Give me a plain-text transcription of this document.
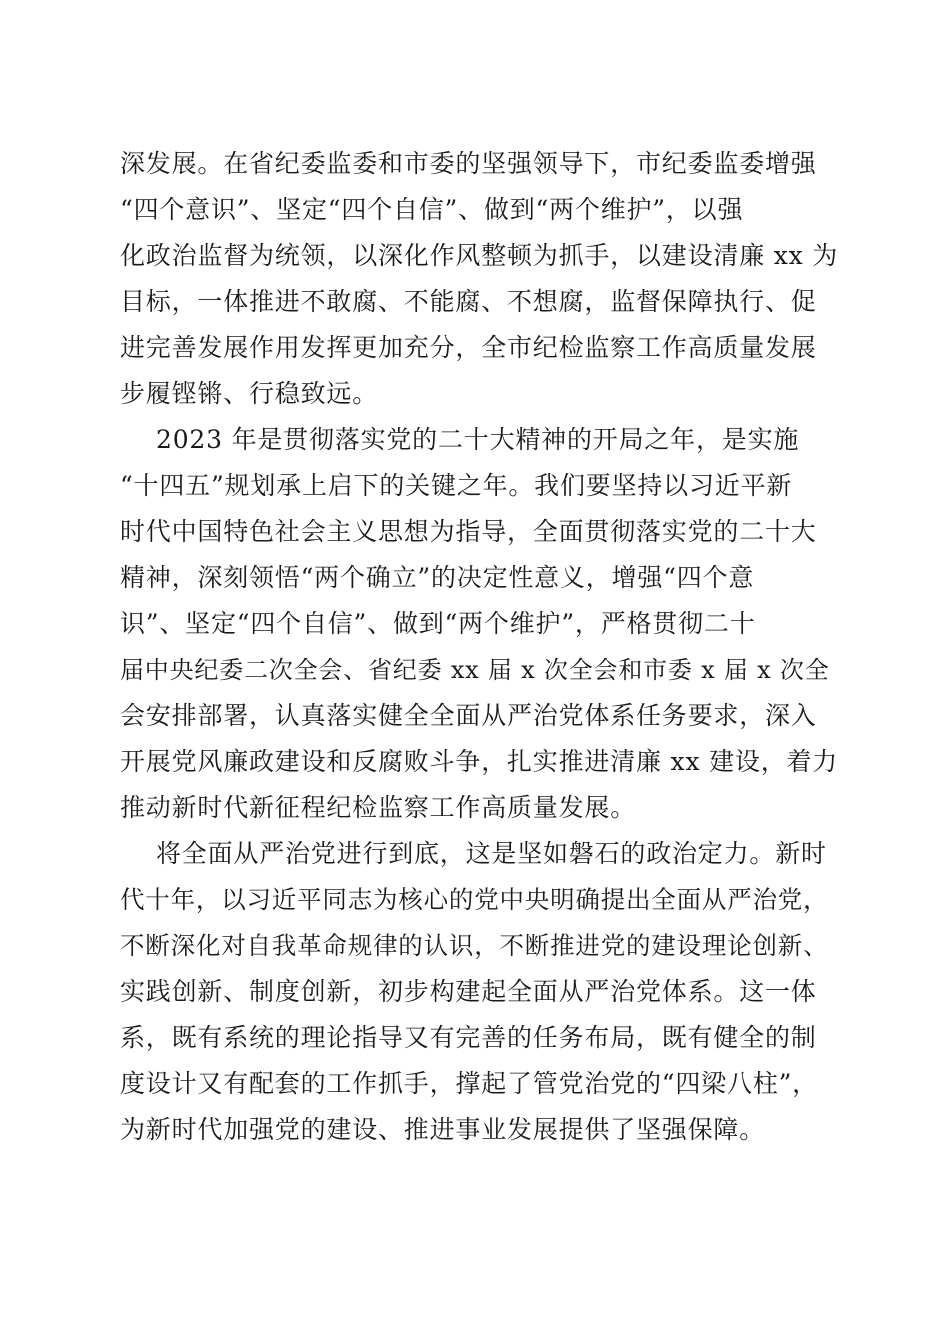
深发展。在省纪委监委和市委的坚强领导下，市纪委监委增强
“四个意识”、坚定“四个自信”、做到“两个维护”，以强
化政治监督为统领，以深化作风整顿为抓手，以建设清廉 xx 为
目标，一体推进不敢腐、不能腐、不想腐，监督保障执行、促
进完善发展作用发挥更加充分，全市纪检监察工作高质量发展
步履铿锵、行稳致远。
2023 年是贯彻落实党的二十大精神的开局之年，是实施
“十四五”规划承上启下的关键之年。我们要坚持以习近平新
时代中国特色社会主义思想为指导，全面贯彻落实党的二十大
精神，深刻领悟“两个确立”的决定性意义，增强“四个意
识”、坚定“四个自信”、做到“两个维护”，严格贯彻二十
届中央纪委二次全会、省纪委 xx 届 x 次全会和市委 x 届 x 次全
会安排部署，认真落实健全全面从严治党体系任务要求，深入
开展党风廉政建设和反腐败斗争，扎实推进清廉 xx 建设，着力
推动新时代新征程纪检监察工作高质量发展。
将全面从严治党进行到底，这是坚如磐石的政治定力。新时
代十年，以习近平同志为核心的党中央明确提出全面从严治党，
不断深化对自我革命规律的认识，不断推进党的建设理论创新、
实践创新、制度创新，初步构建起全面从严治党体系。这一体
系，既有系统的理论指导又有完善的任务布局，既有健全的制
度设计又有配套的工作抓手，撑起了管党治党的“四梁八柱”，
为新时代加强党的建设、推进事业发展提供了坚强保障。
